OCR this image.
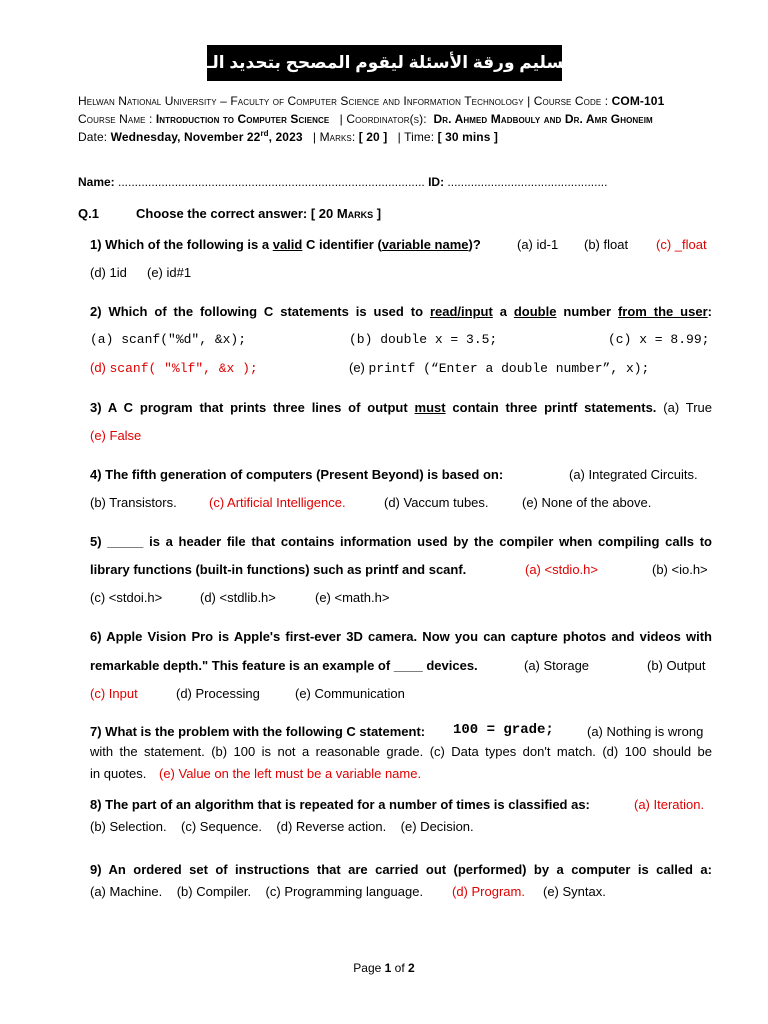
يجب تسليم ورقة الأسئلة ليقوم المصحح بتحديد الـModel
Helwan National University – Faculty of Computer Science and Information Technology | Course Code : COM-101
Course Name : Introduction to Computer Science   | Coordinator(s):  Dr. Ahmed Madbouly and Dr. Amr Ghoneim
Date: Wednesday, November 22rd, 2023   | Marks: [ 20 ]   | Time: [ 30 mins ]
Name: ............................................................................................ ID: ................................................
Q.1	Choose the correct answer: [ 20 Marks ]
1) Which of the following is a valid C identifier (variable name)?	(a) id-1 (b) float (c) _float
(d) 1id (e) id#1
2) Which of the following C statements is used to read/input a double number from the user:
(a) scanf("%d", &x);	(b) double x = 3.5;	(c) x = 8.99;
(d) scanf( "%lf", &x );	(e) printf (“Enter a double number”, x);
3) A C program that prints three lines of output must contain three printf statements. (a) True
(e) False
4) The fifth generation of computers (Present Beyond) is based on:	(a) Integrated Circuits.
(b) Transistors. (c) Artificial Intelligence.	(d) Vaccum tubes.	(e) None of the above.
5) _____ is a header file that contains information used by the compiler when compiling calls to
library functions (built-in functions) such as printf and scanf.	(a) <stdio.h>	(b) <io.h>
(c) <stdoi.h>	(d) <stdlib.h>	(e) <math.h>
6) Apple Vision Pro is Apple's first-ever 3D camera. Now you can capture photos and videos with
remarkable depth." This feature is an example of ____ devices.	(a) Storage	(b) Output
(c) Input	(d) Processing	(e) Communication
7) What is the problem with the following C statement: 100 = grade;	(a) Nothing is wrong
with the statement. (b) 100 is not a reasonable grade. (c) Data types don't match. (d) 100 should be
in quotes. (e) Value on the left must be a variable name.
8) The part of an algorithm that is repeated for a number of times is classified as:	(a) Iteration.
(b) Selection.    (c) Sequence.    (d) Reverse action.    (e) Decision.
9) An ordered set of instructions that are carried out (performed) by a computer is called a:
(a) Machine.    (b) Compiler.    (c) Programming language. (d) Program. (e) Syntax.
Page 1 of 2
